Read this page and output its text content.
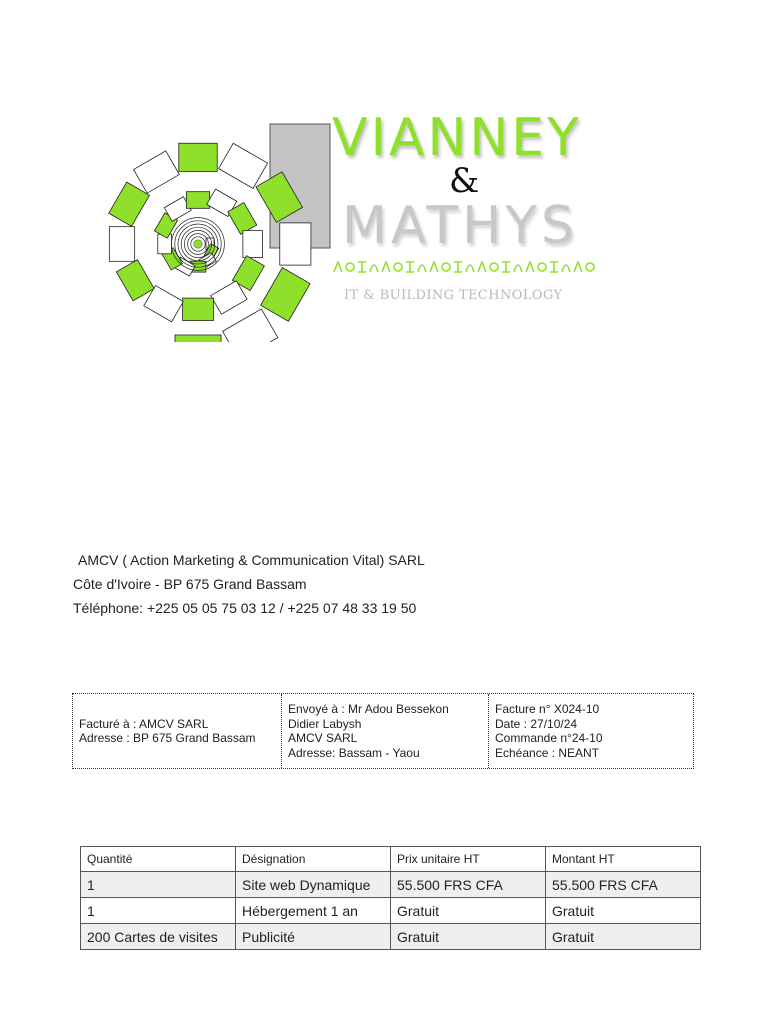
VIANNEY
&
MATHYS
IT & BUILDING TECHNOLOGY
AMCV ( Action Marketing & Communication Vital) SARL
Côte d'Ivoire - BP 675 Grand Bassam
Téléphone: +225 05 05 75 03 12 / +225 07 48 33 19 50
Facturé à : AMCV SARL
Adresse : BP 675 Grand Bassam
Envoyé à : Mr Adou Bessekon
Didier Labysh
AMCV SARL
Adresse: Bassam - Yaou
Facture n° X024-10
Date : 27/10/24
Commande n°24-10
Echéance : NEANT
Quantité	Désignation	Prix unitaire HT	Montant HT
1	Site web Dynamique	55.500 FRS CFA	55.500 FRS CFA
1	Hébergement 1 an	Gratuit	Gratuit
200 Cartes de visites	Publicité	Gratuit	Gratuit
